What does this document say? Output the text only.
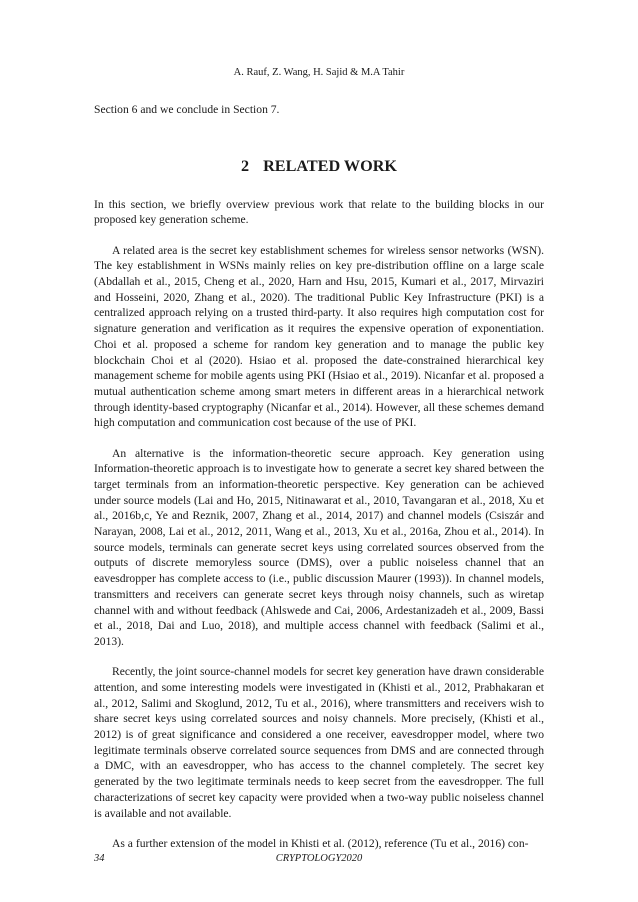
A. Rauf, Z. Wang, H. Sajid & M.A Tahir

Section 6 and we conclude in Section 7.

2 RELATED WORK

In this section, we briefly overview previous work that relate to the building blocks in our proposed key generation scheme.

A related area is the secret key establishment schemes for wireless sensor networks (WSN). The key establishment in WSNs mainly relies on key pre-distribution offline on a large scale (Abdallah et al., 2015, Cheng et al., 2020, Harn and Hsu, 2015, Kumari et al., 2017, Mirvaziri and Hosseini, 2020, Zhang et al., 2020). The traditional Public Key Infrastructure (PKI) is a centralized approach relying on a trusted third-party. It also requires high computation cost for signature generation and verification as it requires the expensive operation of exponentiation. Choi et al. proposed a scheme for random key generation and to manage the public key blockchain Choi et al (2020). Hsiao et al. proposed the date-constrained hierarchical key management scheme for mobile agents using PKI (Hsiao et al., 2019). Nicanfar et al. proposed a mutual authentication scheme among smart meters in different areas in a hierarchical network through identity-based cryptography (Nicanfar et al., 2014). However, all these schemes demand high computation and communication cost because of the use of PKI.

An alternative is the information-theoretic secure approach. Key generation using Information-theoretic approach is to investigate how to generate a secret key shared between the target terminals from an information-theoretic perspective. Key generation can be achieved under source models (Lai and Ho, 2015, Nitinawarat et al., 2010, Tavangaran et al., 2018, Xu et al., 2016b,c, Ye and Reznik, 2007, Zhang et al., 2014, 2017) and channel models (Csiszár and Narayan, 2008, Lai et al., 2012, 2011, Wang et al., 2013, Xu et al., 2016a, Zhou et al., 2014). In source models, terminals can generate secret keys using correlated sources observed from the outputs of discrete memoryless source (DMS), over a public noiseless channel that an eavesdropper has complete access to (i.e., public discussion Maurer (1993)). In channel models, transmitters and receivers can generate secret keys through noisy channels, such as wiretap channel with and without feedback (Ahlswede and Cai, 2006, Ardestanizadeh et al., 2009, Bassi et al., 2018, Dai and Luo, 2018), and multiple access channel with feedback (Salimi et al., 2013).

Recently, the joint source-channel models for secret key generation have drawn considerable attention, and some interesting models were investigated in (Khisti et al., 2012, Prabhakaran et al., 2012, Salimi and Skoglund, 2012, Tu et al., 2016), where transmitters and receivers wish to share secret keys using correlated sources and noisy channels. More precisely, (Khisti et al., 2012) is of great significance and considered a one receiver, eavesdropper model, where two legitimate terminals observe correlated source sequences from DMS and are connected through a DMC, with an eavesdropper, who has access to the channel completely. The secret key generated by the two legitimate terminals needs to keep secret from the eavesdropper. The full characterizations of secret key capacity were provided when a two-way public noiseless channel is available and not available.

As a further extension of the model in Khisti et al. (2012), reference (Tu et al., 2016) con-

34	CRYPTOLOGY2020
